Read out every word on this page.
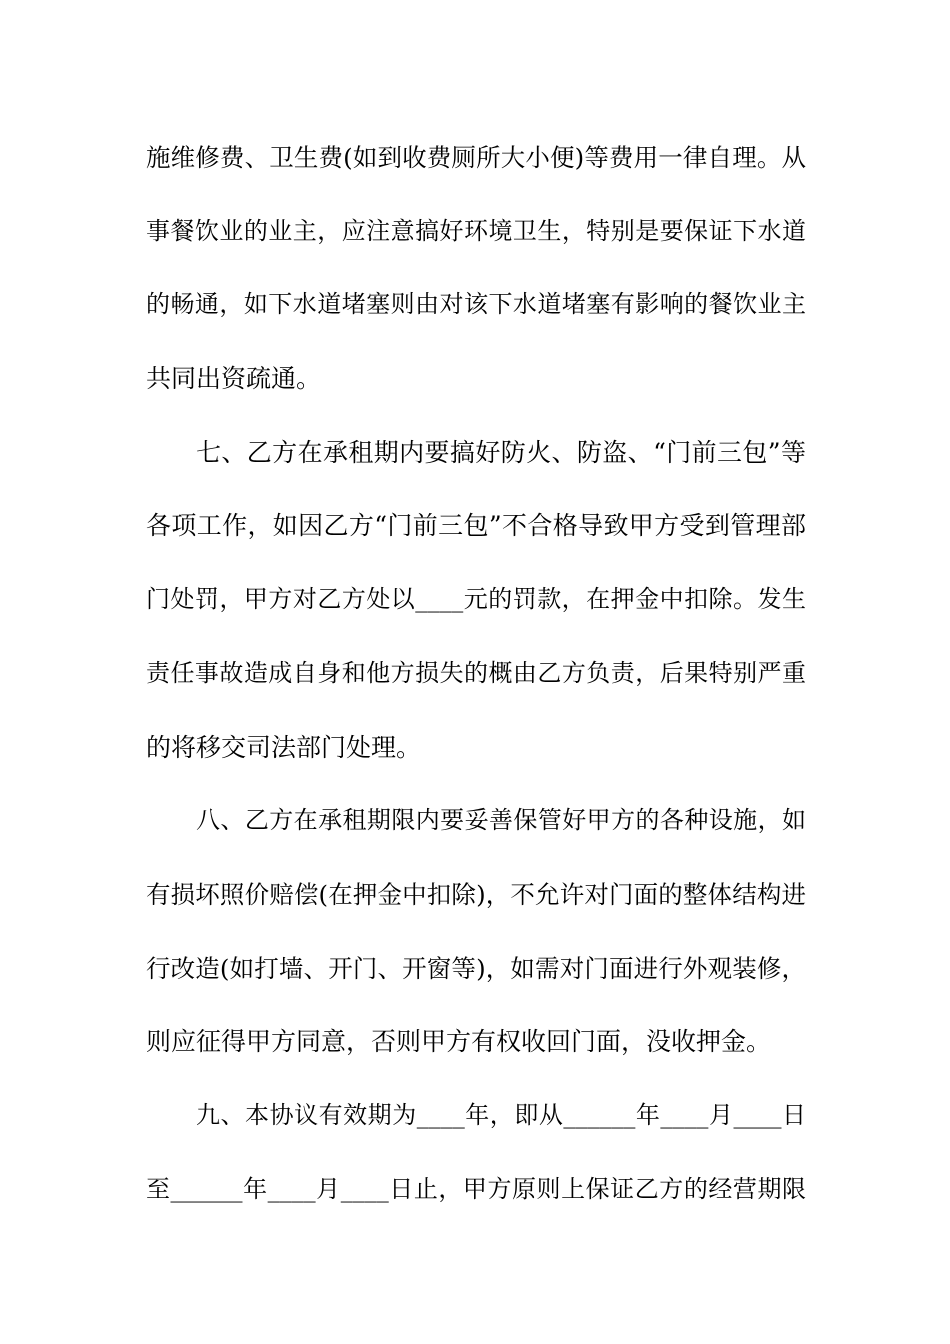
施维修费、卫生费(如到收费厕所大小便)等费用一律自理。从
事餐饮业的业主，应注意搞好环境卫生，特别是要保证下水道
的畅通，如下水道堵塞则由对该下水道堵塞有影响的餐饮业主
共同出资疏通。
七、乙方在承租期内要搞好防火、防盗、“门前三包”等
各项工作，如因乙方“门前三包”不合格导致甲方受到管理部
门处罚，甲方对乙方处以____元的罚款，在押金中扣除。发生
责任事故造成自身和他方损失的概由乙方负责，后果特别严重
的将移交司法部门处理。
八、乙方在承租期限内要妥善保管好甲方的各种设施，如
有损坏照价赔偿(在押金中扣除)，不允许对门面的整体结构进
行改造(如打墙、开门、开窗等)，如需对门面进行外观装修，
则应征得甲方同意，否则甲方有权收回门面，没收押金。
九、本协议有效期为____年，即从______年____月____日
至______年____月____日止，甲方原则上保证乙方的经营期限
